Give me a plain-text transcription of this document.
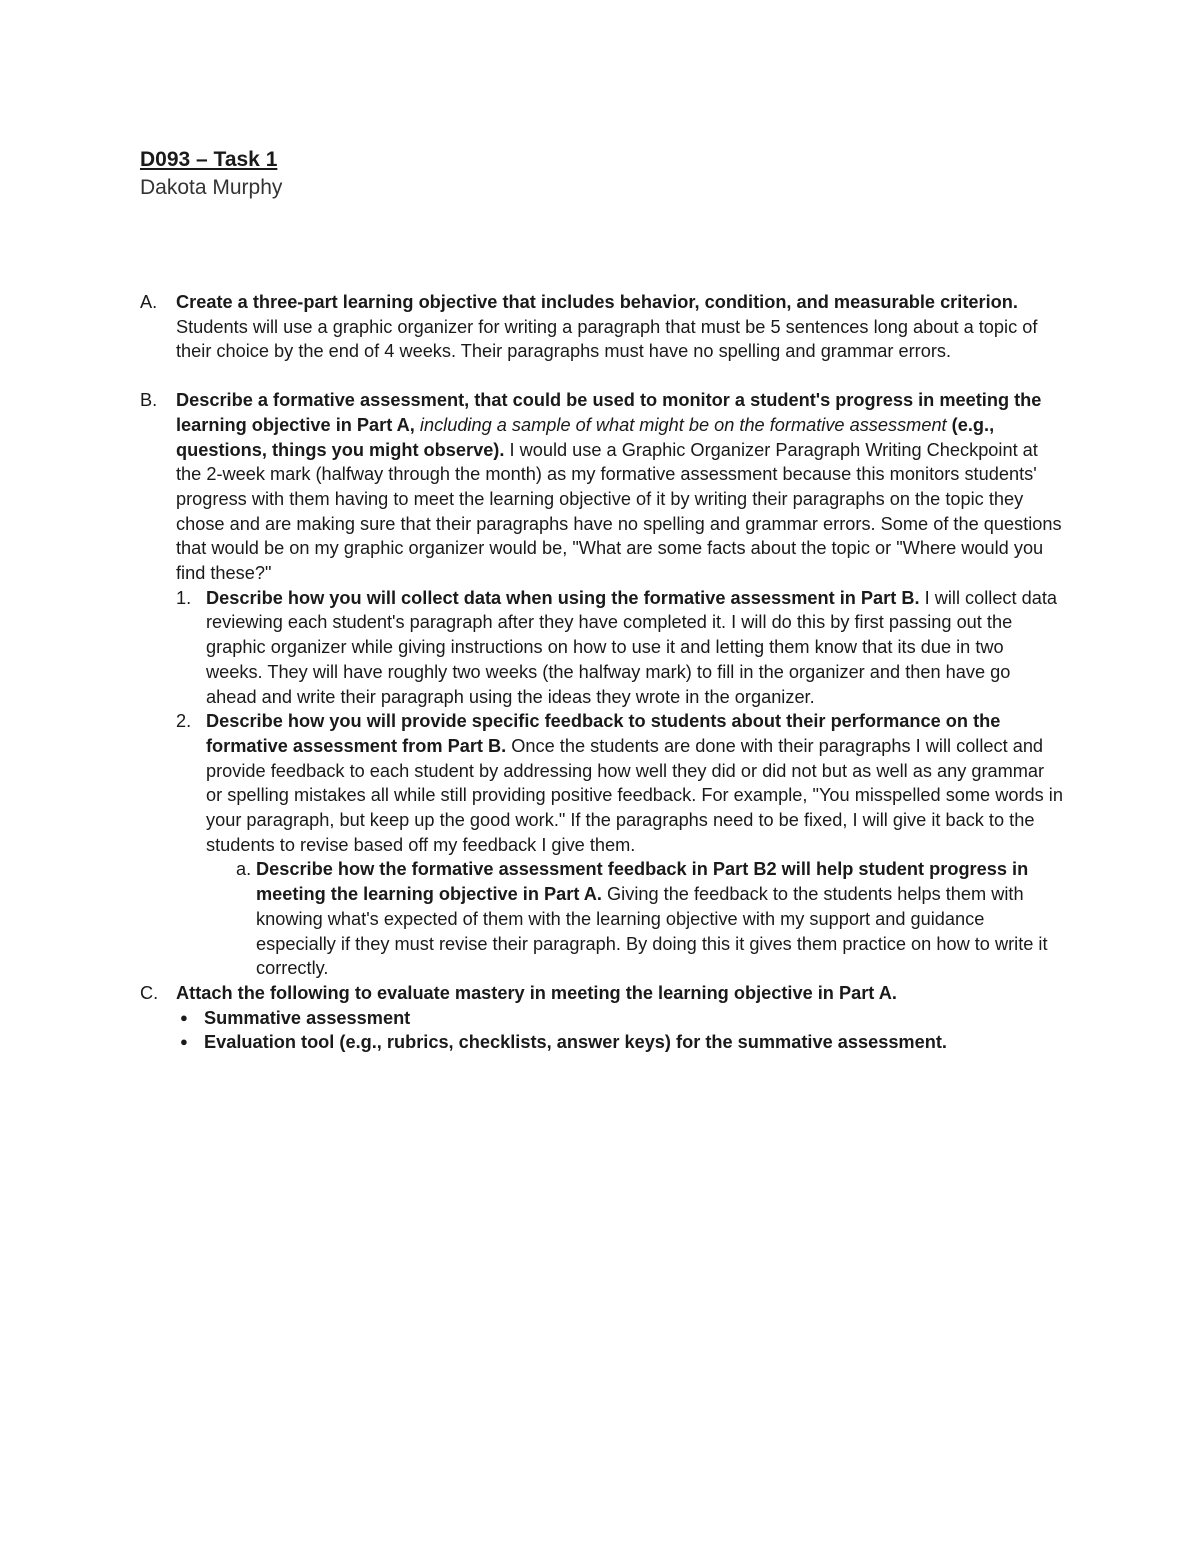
D093 – Task 1

Dakota Murphy

A.	Create a three-part learning objective that includes behavior, condition, and measurable criterion. Students will use a graphic organizer for writing a paragraph that must be 5 sentences long about a topic of their choice by the end of 4 weeks. Their paragraphs must have no spelling and grammar errors.
B.	Describe a formative assessment, that could be used to monitor a student's progress in meeting the learning objective in Part A, including a sample of what might be on the formative assessment (e.g., questions, things you might observe). I would use a Graphic Organizer Paragraph Writing Checkpoint at the 2-week mark (halfway through the month) as my formative assessment because this monitors students' progress with them having to meet the learning objective of it by writing their paragraphs on the topic they chose and are making sure that their paragraphs have no spelling and grammar errors. Some of the questions that would be on my graphic organizer would be, "What are some facts about the topic or "Where would you find these?"
1. Describe how you will collect data when using the formative assessment in Part B. I will collect data reviewing each student's paragraph after they have completed it. I will do this by first passing out the graphic organizer while giving instructions on how to use it and letting them know that its due in two weeks. They will have roughly two weeks (the halfway mark) to fill in the organizer and then have go ahead and write their paragraph using the ideas they wrote in the organizer.
2. Describe how you will provide specific feedback to students about their performance on the formative assessment from Part B. Once the students are done with their paragraphs I will collect and provide feedback to each student by addressing how well they did or did not but as well as any grammar or spelling mistakes all while still providing positive feedback. For example, "You misspelled some words in your paragraph, but keep up the good work." If the paragraphs need to be fixed, I will give it back to the students to revise based off my feedback I give them.
a. Describe how the formative assessment feedback in Part B2 will help student progress in meeting the learning objective in Part A. Giving the feedback to the students helps them with knowing what's expected of them with the learning objective with my support and guidance especially if they must revise their paragraph. By doing this it gives them practice on how to write it correctly.
C. Attach the following to evaluate mastery in meeting the learning objective in Part A.
● Summative assessment
● Evaluation tool (e.g., rubrics, checklists, answer keys) for the summative assessment.
